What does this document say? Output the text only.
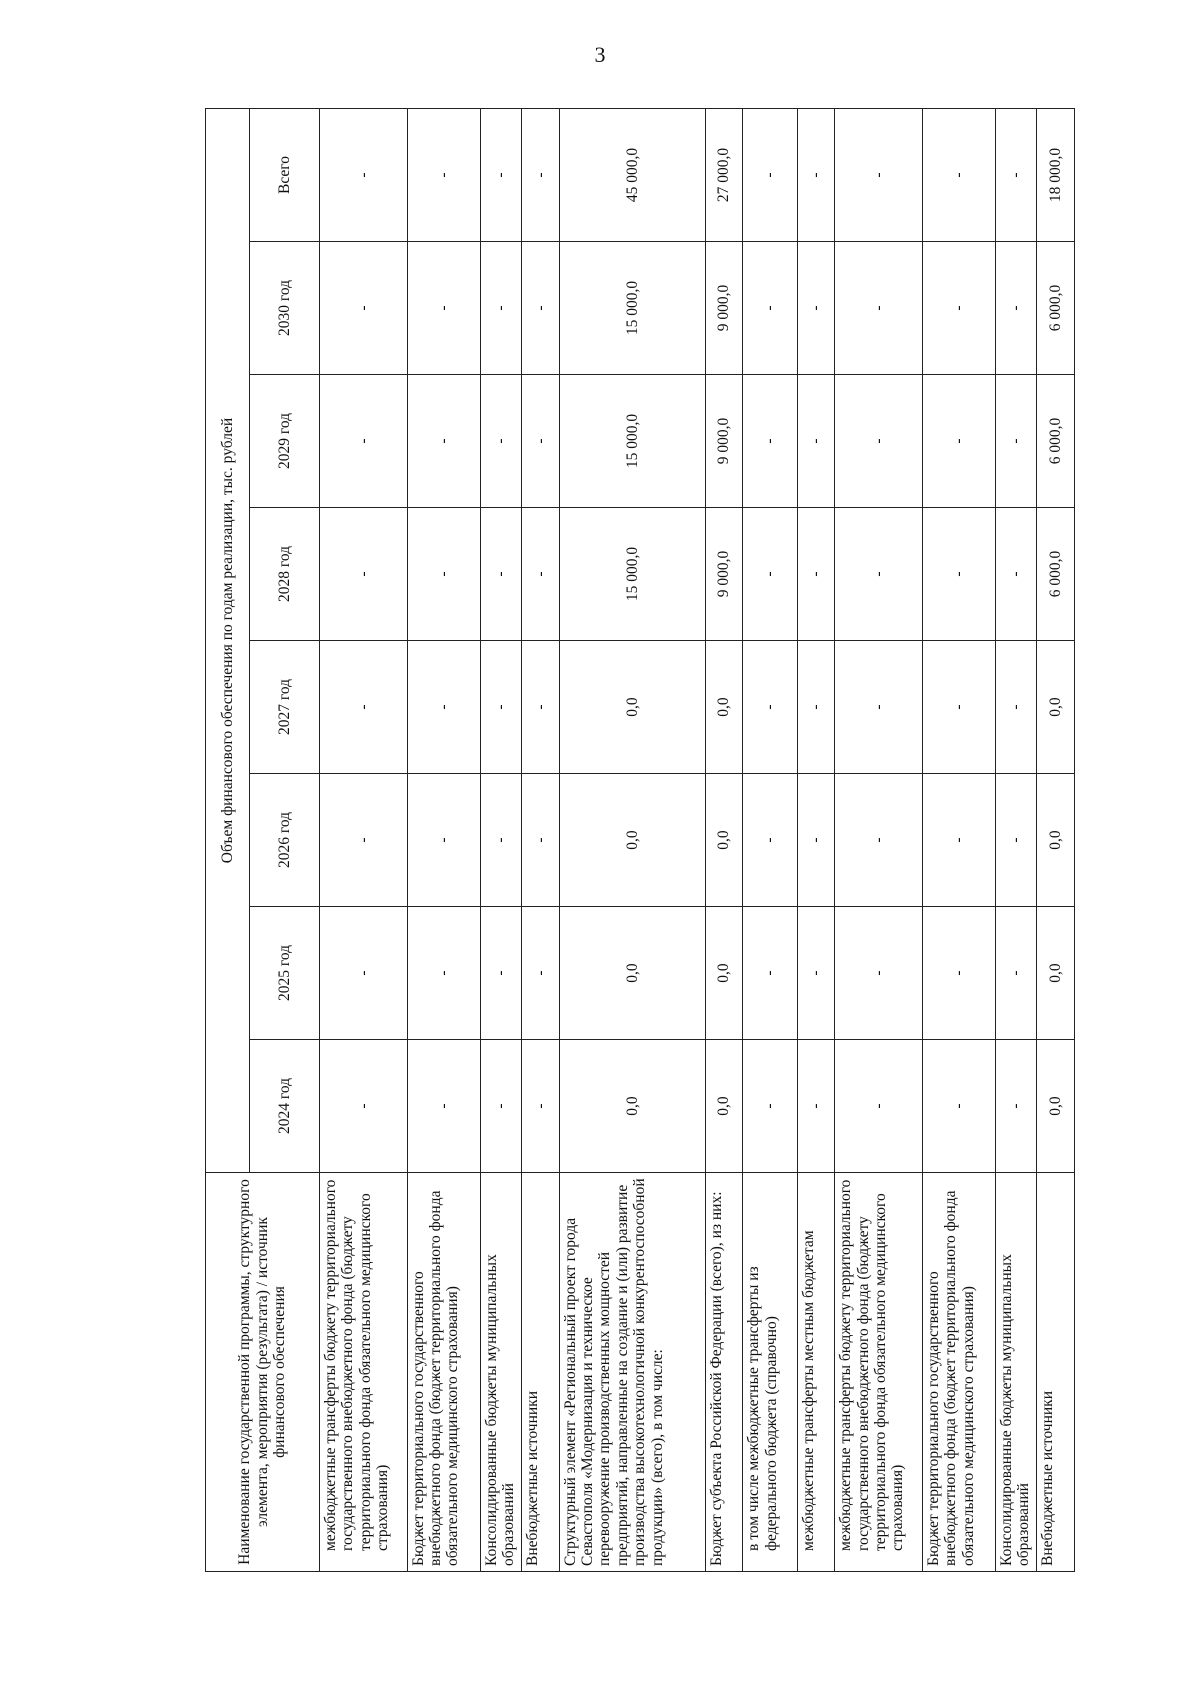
3
Наименование государственной программы, структурного элемента, мероприятия (результата) / источник финансового обеспечения	Объем финансового обеспечения по годам реализации, тыс. рублей							
	2024 год	2025 год	2026 год	2027 год	2028 год	2029 год	2030 год	Всего
межбюджетные трансферты бюджету территориального государственного внебюджетного фонда (бюджету территориального фонда обязательного медицинского страхования)	-	-	-	-	-	-	-	-
Бюджет территориального государственного внебюджетного фонда (бюджет территориального фонда обязательного медицинского страхования)	-	-	-	-	-	-	-	-
Консолидированные бюджеты муниципальных образований	-	-	-	-	-	-	-	-
Внебюджетные источники	-	-	-	-	-	-	-	-
Структурный элемент «Региональный проект города Севастополя «Модернизация и техническое перевооружение производственных мощностей предприятий, направленные на создание и (или) развитие производства высокотехнологичной конкурентоспособной продукции» (всего), в том числе:	0,0	0,0	0,0	0,0	15 000,0	15 000,0	15 000,0	45 000,0
Бюджет субъекта Российской Федерации (всего), из них:	0,0	0,0	0,0	0,0	9 000,0	9 000,0	9 000,0	27 000,0
в том числе межбюджетные трансферты из федерального бюджета (справочно)	-	-	-	-	-	-	-	-
межбюджетные трансферты местным бюджетам	-	-	-	-	-	-	-	-
межбюджетные трансферты бюджету территориального государственного внебюджетного фонда (бюджету территориального фонда обязательного медицинского страхования)	-	-	-	-	-	-	-	-
Бюджет территориального государственного внебюджетного фонда (бюджет территориального фонда обязательного медицинского страхования)	-	-	-	-	-	-	-	-
Консолидированные бюджеты муниципальных образований	-	-	-	-	-	-	-	-
Внебюджетные источники	0,0	0,0	0,0	0,0	6 000,0	6 000,0	6 000,0	18 000,0
